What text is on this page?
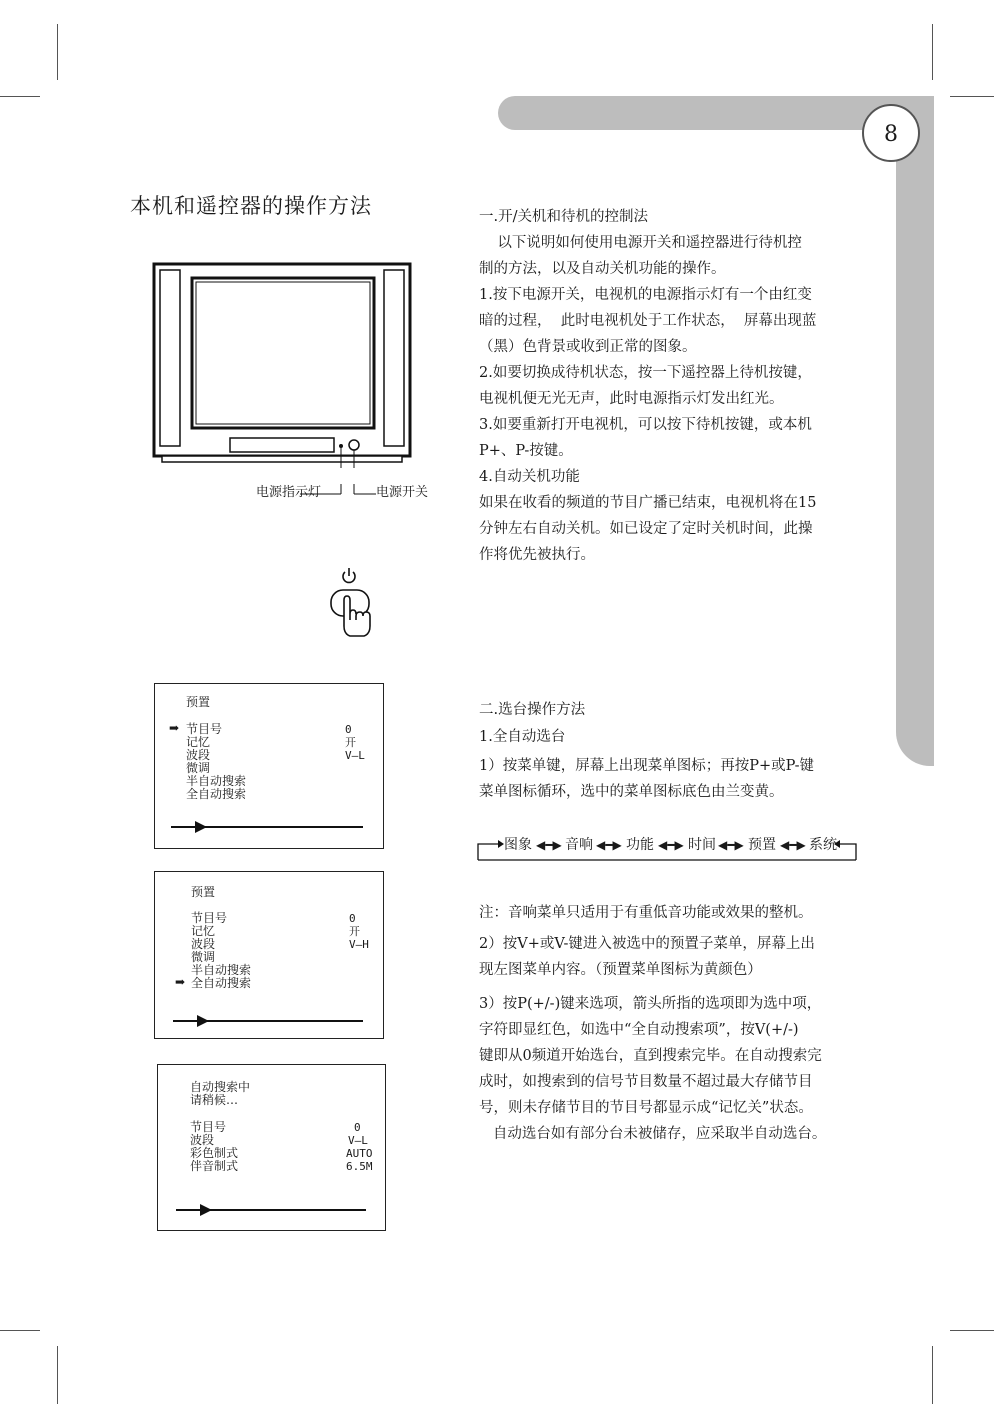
8
本机和遥控器的操作方法
电源指示灯	电源开关
一.开/关机和待机的控制法
以下说明如何使用电源开关和遥控器进行待机控
制的方法，以及自动关机功能的操作。
1.按下电源开关，电视机的电源指示灯有一个由红变
暗的过程，  此时电视机处于工作状态，  屏幕出现蓝
（黑）色背景或收到正常的图象。
2.如要切换成待机状态，按一下遥控器上待机按键，
电视机便无光无声，此时电源指示灯发出红光。
3.如要重新打开电视机，可以按下待机按键，或本机
P+、P-按键。
4.自动关机功能
如果在收看的频道的节目广播已结束，电视机将在15
分钟左右自动关机。如已设定了定时关机时间，此操
作将优先被执行。
二.选台操作方法
1.全自动选台
1）按菜单键，屏幕上出现菜单图标；再按P+或P-键
菜单图标循环，选中的菜单图标底色由兰变黄。
图象 ◀━▶ 音响 ◀━▶ 功能 ◀━▶ 时间 ◀━▶ 预置 ◀━▶ 系统
注：音响菜单只适用于有重低音功能或效果的整机。
2）按V+或V-键进入被选中的预置子菜单，屏幕上出
现左图菜单内容。（预置菜单图标为黄颜色）
3）按P(+/-)键来选项，箭头所指的选项即为选中项，
字符即显红色，如选中“全自动搜索项”，按V(+/-)
键即从0频道开始选台，直到搜索完毕。在自动搜索完
成时，如搜索到的信号节目数量不超过最大存储节目
号，则未存储节目的节目号都显示成“记忆关”状态。
自动选台如有部分台未被储存，应采取半自动选台。
预置
➡ 节目号
记忆
波段
微调
半自动搜索
全自动搜索
0
开
V—L
预置
节目号
记忆
波段
微调
半自动搜索
➡ 全自动搜索
0
开
V—H
自动搜索中
请稍候…
节目号
波段
彩色制式
伴音制式
0
V—L
AUTO
6.5M
